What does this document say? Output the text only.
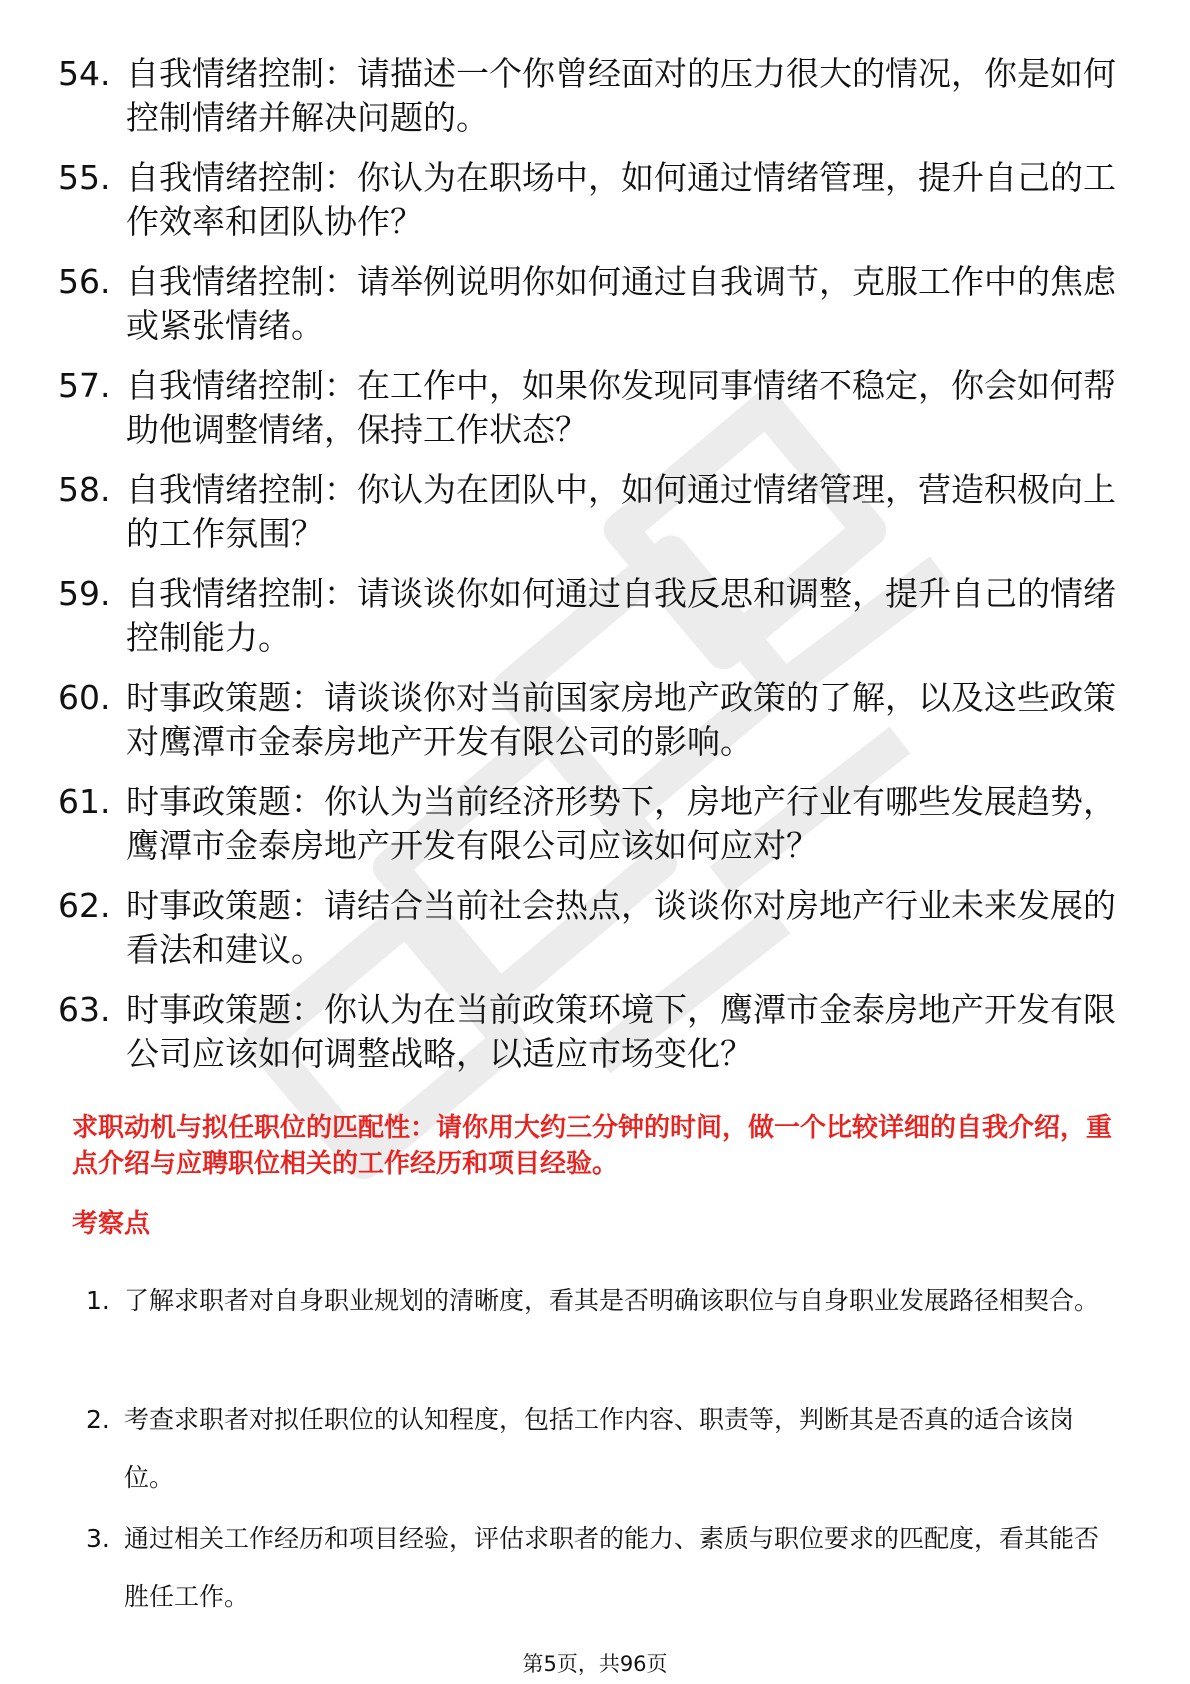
54. 自我情绪控制：请描述一个你曾经面对的压力很大的情况，你是如何控制情绪并解决问题的。
55. 自我情绪控制：你认为在职场中，如何通过情绪管理，提升自己的工作效率和团队协作？
56. 自我情绪控制：请举例说明你如何通过自我调节，克服工作中的焦虑或紧张情绪。
57. 自我情绪控制：在工作中，如果你发现同事情绪不稳定，你会如何帮助他调整情绪，保持工作状态？
58. 自我情绪控制：你认为在团队中，如何通过情绪管理，营造积极向上的工作氛围？
59. 自我情绪控制：请谈谈你如何通过自我反思和调整，提升自己的情绪控制能力。
60. 时事政策题：请谈谈你对当前国家房地产政策的了解，以及这些政策对鹰潭市金泰房地产开发有限公司的影响。
61. 时事政策题：你认为当前经济形势下，房地产行业有哪些发展趋势，鹰潭市金泰房地产开发有限公司应该如何应对？
62. 时事政策题：请结合当前社会热点，谈谈你对房地产行业未来发展的看法和建议。
63. 时事政策题：你认为在当前政策环境下，鹰潭市金泰房地产开发有限公司应该如何调整战略，以适应市场变化？
求职动机与拟任职位的匹配性：请你用大约三分钟的时间，做一个比较详细的自我介绍，重点介绍与应聘职位相关的工作经历和项目经验。
考察点
1. 了解求职者对自身职业规划的清晰度，看其是否明确该职位与自身职业发展路径相契合。
2. 考查求职者对拟任职位的认知程度，包括工作内容、职责等，判断其是否真的适合该岗位。
3. 通过相关工作经历和项目经验，评估求职者的能力、素质与职位要求的匹配度，看其能否胜任工作。
第5页，共96页
